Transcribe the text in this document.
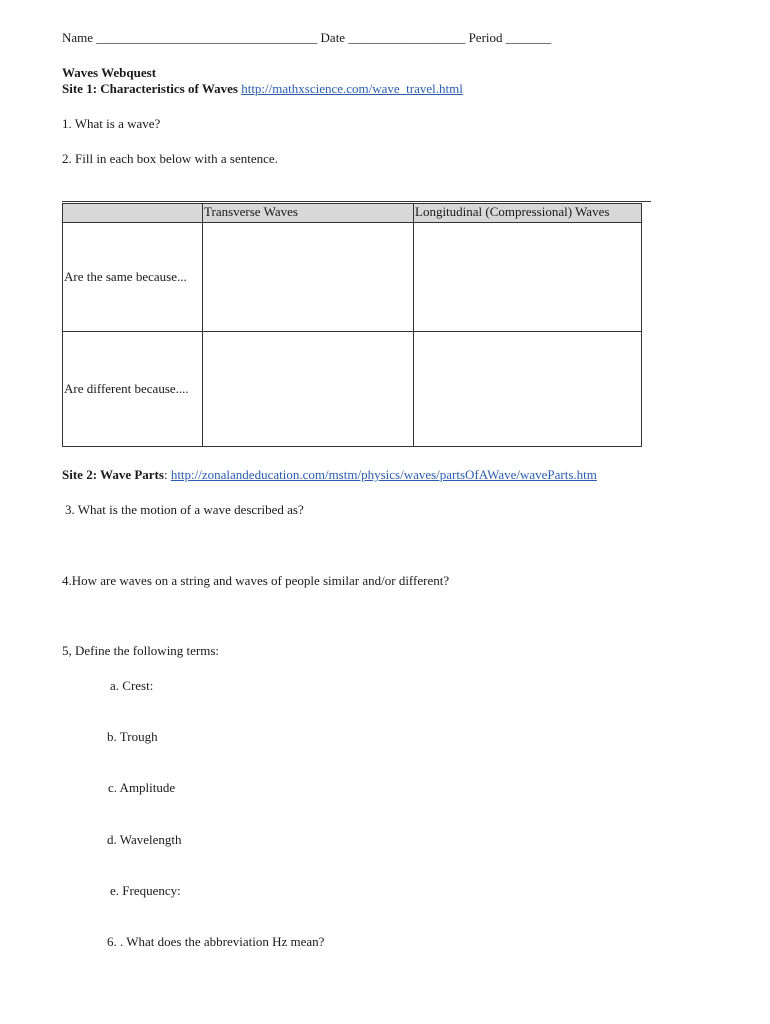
Name __________________________________ Date __________________ Period _______
Waves Webquest
Site 1: Characteristics of Waves http://mathxscience.com/wave_travel.html
1. What is a wave?
2. Fill in each box below with a sentence.
	Transverse Waves	Longitudinal (Compressional) Waves
Are the same because...		
Are different because....		
Site 2: Wave Parts: http://zonalandeducation.com/mstm/physics/waves/partsOfAWave/waveParts.htm
3. What is the motion of a wave described as?
4.How are waves on a string and waves of people similar and/or different?
5, Define the following terms:
a. Crest:
b. Trough
c. Amplitude
d. Wavelength
e. Frequency:
6. . What does the abbreviation Hz mean?
